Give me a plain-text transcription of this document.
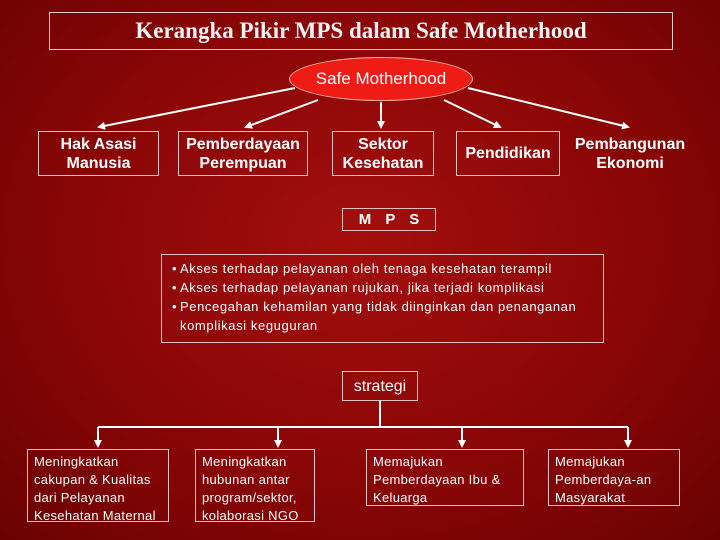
Kerangka Pikir MPS dalam Safe Motherhood
Safe Motherhood
Hak Asasi
Manusia
Pemberdayaan
Perempuan
Sektor
Kesehatan
Pendidikan
Pembangunan
Ekonomi
M P S
• Akses terhadap pelayanan oleh tenaga kesehatan terampil
• Akses terhadap pelayanan rujukan, jika terjadi komplikasi
• Pencegahan kehamilan yang tidak diinginkan dan penanganan komplikasi keguguran
strategi
Meningkatkan cakupan & Kualitas dari Pelayanan Kesehatan Maternal
Meningkatkan hubunan antar program/sektor, kolaborasi NGO
Memajukan Pemberdayaan Ibu & Keluarga
Memajukan Pemberdaya-an Masyarakat
